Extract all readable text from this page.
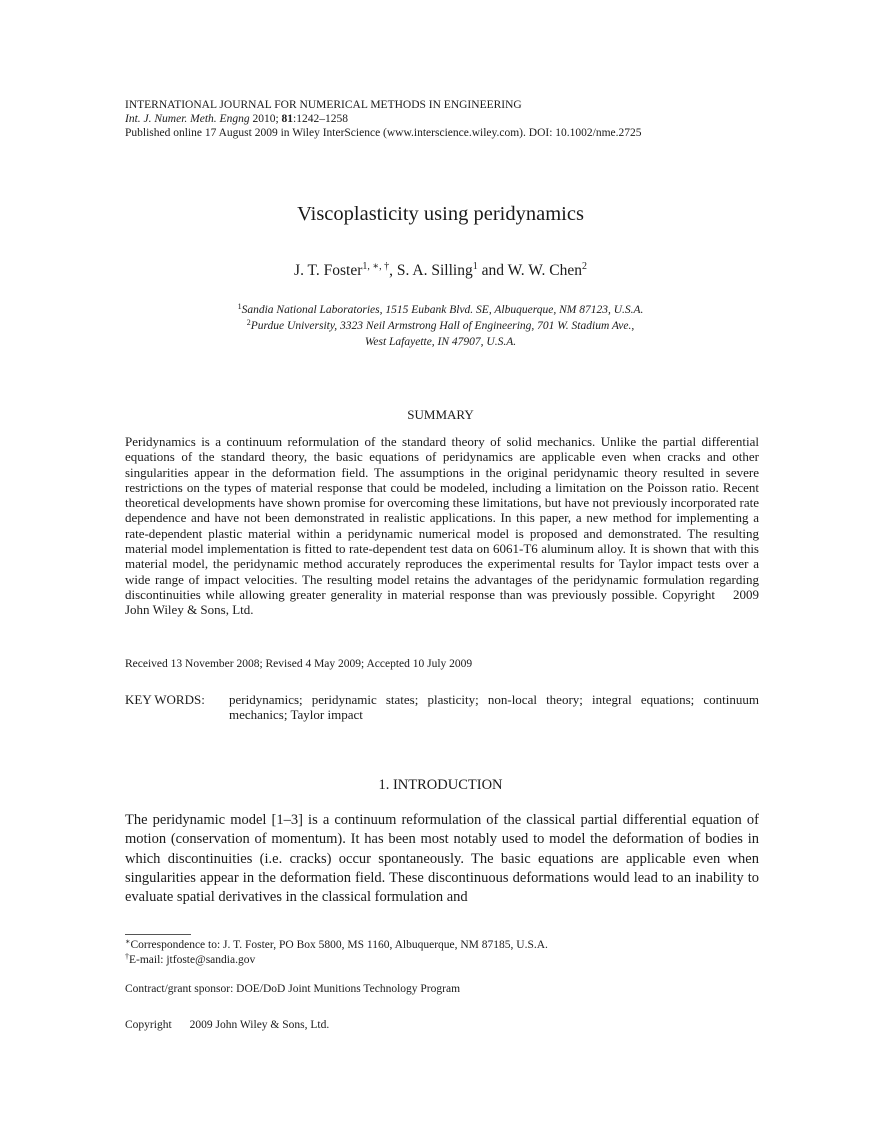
INTERNATIONAL JOURNAL FOR NUMERICAL METHODS IN ENGINEERING
Int. J. Numer. Meth. Engng 2010; 81:1242–1258
Published online 17 August 2009 in Wiley InterScience (www.interscience.wiley.com). DOI: 10.1002/nme.2725
Viscoplasticity using peridynamics
J. T. Foster$^{1, ∗, \dagger}$, S. A. Silling$^1$ and W. W. Chen$^2$
$^1$Sandia National Laboratories, 1515 Eubank Blvd. SE, Albuquerque, NM 87123, U.S.A.
$^2$Purdue University, 3323 Neil Armstrong Hall of Engineering, 701 W. Stadium Ave.,
West Lafayette, IN 47907, U.S.A.
SUMMARY
Peridynamics is a continuum reformulation of the standard theory of solid mechanics. Unlike the partial differential equations of the standard theory, the basic equations of peridynamics are applicable even when cracks and other singularities appear in the deformation field. The assumptions in the original peridynamic theory resulted in severe restrictions on the types of material response that could be modeled, including a limitation on the Poisson ratio. Recent theoretical developments have shown promise for overcoming these limitations, but have not previously incorporated rate dependence and have not been demonstrated in realistic applications. In this paper, a new method for implementing a rate-dependent plastic material within a peridynamic numerical model is proposed and demonstrated. The resulting material model implementation is fitted to rate-dependent test data on 6061-T6 aluminum alloy. It is shown that with this material model, the peridynamic method accurately reproduces the experimental results for Taylor impact tests over a wide range of impact velocities. The resulting model retains the advantages of the peridynamic formulation regarding discontinuities while allowing greater generality in material response than was previously possible. Copyright 2009 John Wiley & Sons, Ltd.
Received 13 November 2008; Revised 4 May 2009; Accepted 10 July 2009
KEY WORDS: peridynamics; peridynamic states; plasticity; non-local theory; integral equations; continuum mechanics; Taylor impact
1. INTRODUCTION
The peridynamic model [1–3] is a continuum reformulation of the classical partial differential equation of motion (conservation of momentum). It has been most notably used to model the deformation of bodies in which discontinuities (i.e. cracks) occur spontaneously. The basic equations are applicable even when singularities appear in the deformation field. These discontinuous deformations would lead to an inability to evaluate spatial derivatives in the classical formulation and
∗Correspondence to: J. T. Foster, PO Box 5800, MS 1160, Albuquerque, NM 87185, U.S.A.
†E-mail: jtfoste@sandia.gov
Contract/grant sponsor: DOE/DoD Joint Munitions Technology Program
Copyright 2009 John Wiley & Sons, Ltd.
